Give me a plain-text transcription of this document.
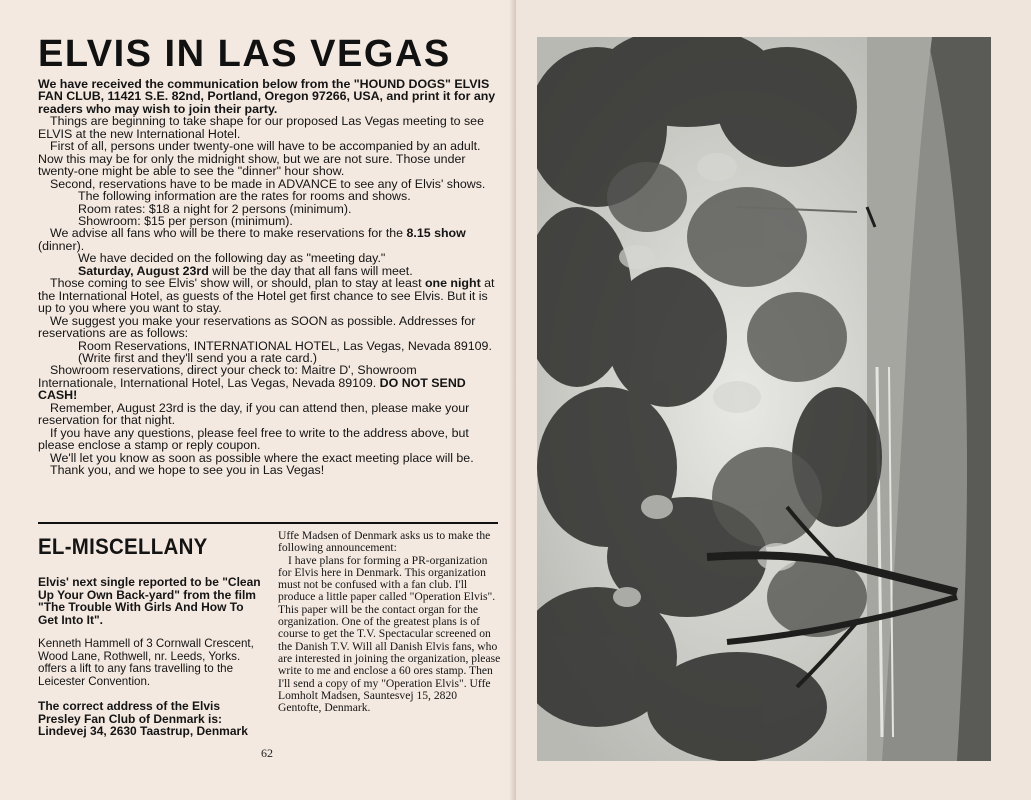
ELVIS IN LAS VEGAS

We have received the communication below from the "HOUND DOGS" ELVIS FAN CLUB, 11421 S.E. 82nd, Portland, Oregon 97266, USA, and print it for any readers who may wish to join their party.

Things are beginning to take shape for our proposed Las Vegas meeting to see ELVIS at the new International Hotel.

First of all, persons under twenty-one will have to be accompanied by an adult. Now this may be for only the midnight show, but we are not sure. Those under twenty-one might be able to see the "dinner" hour show.

Second, reservations have to be made in ADVANCE to see any of Elvis' shows.

The following information are the rates for rooms and shows.

Room rates: $18 a night for 2 persons (minimum).

Showroom: $15 per person (minimum).

We advise all fans who will be there to make reservations for the 8.15 show (dinner).

We have decided on the following day as "meeting day."

Saturday, August 23rd will be the day that all fans will meet.

Those coming to see Elvis' show will, or should, plan to stay at least one night at the International Hotel, as guests of the Hotel get first chance to see Elvis. But it is up to you where you want to stay.

We suggest you make your reservations as SOON as possible. Addresses for reservations are as follows:

Room Reservations, INTERNATIONAL HOTEL, Las Vegas, Nevada 89109. (Write first and they'll send you a rate card.)

Showroom reservations, direct your check to: Maitre D', Showroom Internationale, International Hotel, Las Vegas, Nevada 89109. DO NOT SEND CASH!

Remember, August 23rd is the day, if you can attend then, please make your reservation for that night.

If you have any questions, please feel free to write to the address above, but please enclose a stamp or reply coupon.

We'll let you know as soon as possible where the exact meeting place will be.

Thank you, and we hope to see you in Las Vegas!

EL-MISCELLANY

Elvis' next single reported to be "Clean Up Your Own Back-yard" from the film "The Trouble With Girls And How To Get Into It".

Kenneth Hammell of 3 Cornwall Crescent, Wood Lane, Rothwell, nr. Leeds, Yorks. offers a lift to any fans travelling to the Leicester Convention.

The correct address of the Elvis Presley Fan Club of Denmark is: Lindevej 34, 2630 Taastrup, Denmark

Uffe Madsen of Denmark asks us to make the following announcement:

I have plans for forming a PR-organization for Elvis here in Denmark. This organization must not be confused with a fan club. I'll produce a little paper called "Operation Elvis". This paper will be the contact organ for the organization. One of the greatest plans is of course to get the T.V. Spectacular screened on the Danish T.V. Will all Danish Elvis fans, who are interested in joining the organization, please write to me and enclose a 60 ores stamp. Then I'll send a copy of my "Operation Elvis". Uffe Lomholt Madsen, Sauntesvej 15, 2820 Gentofte, Denmark.

62
